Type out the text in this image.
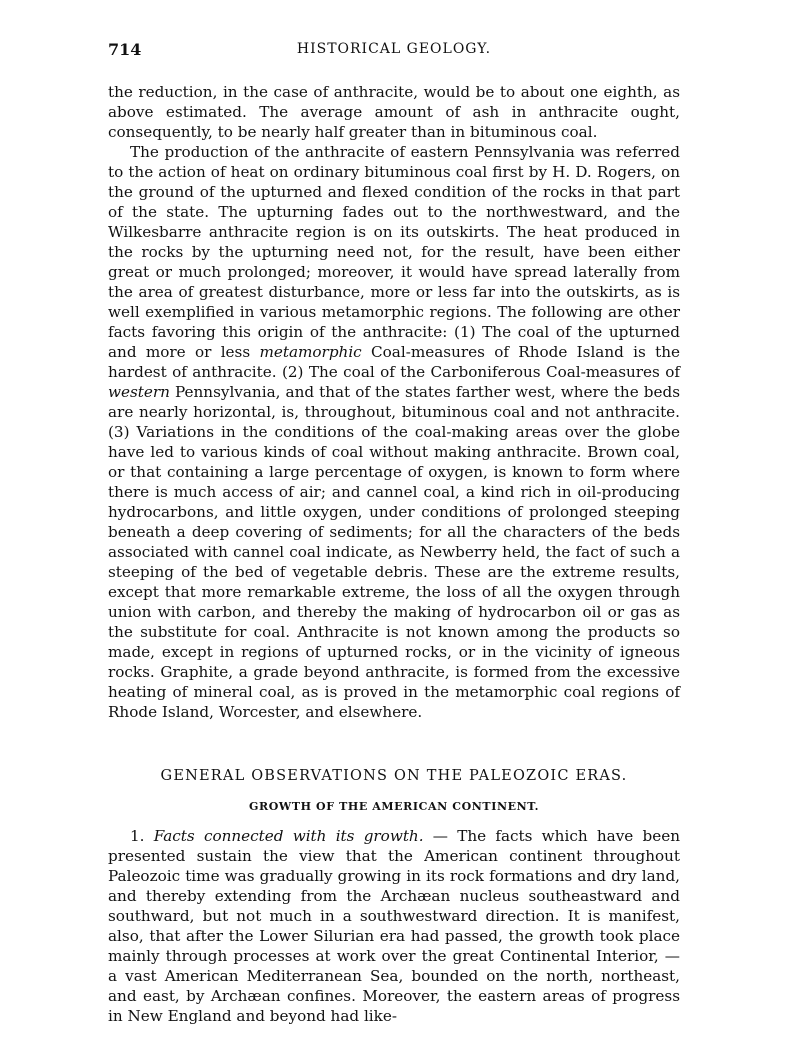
714	HISTORICAL GEOLOGY.

the reduction, in the case of anthracite, would be to about one eighth, as above estimated. The average amount of ash in anthracite ought, consequently, to be nearly half greater than in bituminous coal.

The production of the anthracite of eastern Pennsylvania was referred to the action of heat on ordinary bituminous coal first by H. D. Rogers, on the ground of the upturned and flexed condition of the rocks in that part of the state. The upturning fades out to the northwestward, and the Wilkesbarre anthracite region is on its outskirts. The heat produced in the rocks by the upturning need not, for the result, have been either great or much prolonged; moreover, it would have spread laterally from the area of greatest disturbance, more or less far into the outskirts, as is well exemplified in various metamorphic regions. The following are other facts favoring this origin of the anthracite: (1) The coal of the upturned and more or less metamorphic Coal-measures of Rhode Island is the hardest of anthracite. (2) The coal of the Carboniferous Coal-measures of western Pennsylvania, and that of the states farther west, where the beds are nearly horizontal, is, throughout, bituminous coal and not anthracite. (3) Variations in the conditions of the coal-making areas over the globe have led to various kinds of coal without making anthracite. Brown coal, or that containing a large percentage of oxygen, is known to form where there is much access of air; and cannel coal, a kind rich in oil-producing hydrocarbons, and little oxygen, under conditions of prolonged steeping beneath a deep covering of sediments; for all the characters of the beds associated with cannel coal indicate, as Newberry held, the fact of such a steeping of the bed of vegetable debris. These are the extreme results, except that more remarkable extreme, the loss of all the oxygen through union with carbon, and thereby the making of hydrocarbon oil or gas as the substitute for coal. Anthracite is not known among the products so made, except in regions of upturned rocks, or in the vicinity of igneous rocks. Graphite, a grade beyond anthracite, is formed from the excessive heating of mineral coal, as is proved in the metamorphic coal regions of Rhode Island, Worcester, and elsewhere.

GENERAL OBSERVATIONS ON THE PALEOZOIC ERAS.
GROWTH OF THE AMERICAN CONTINENT.

1. Facts connected with its growth. — The facts which have been presented sustain the view that the American continent throughout Paleozoic time was gradually growing in its rock formations and dry land, and thereby extending from the Archæan nucleus southeastward and southward, but not much in a southwestward direction. It is manifest, also, that after the Lower Silurian era had passed, the growth took place mainly through processes at work over the great Continental Interior, — a vast American Mediterranean Sea, bounded on the north, northeast, and east, by Archæan confines. Moreover, the eastern areas of progress in New England and beyond had like-
